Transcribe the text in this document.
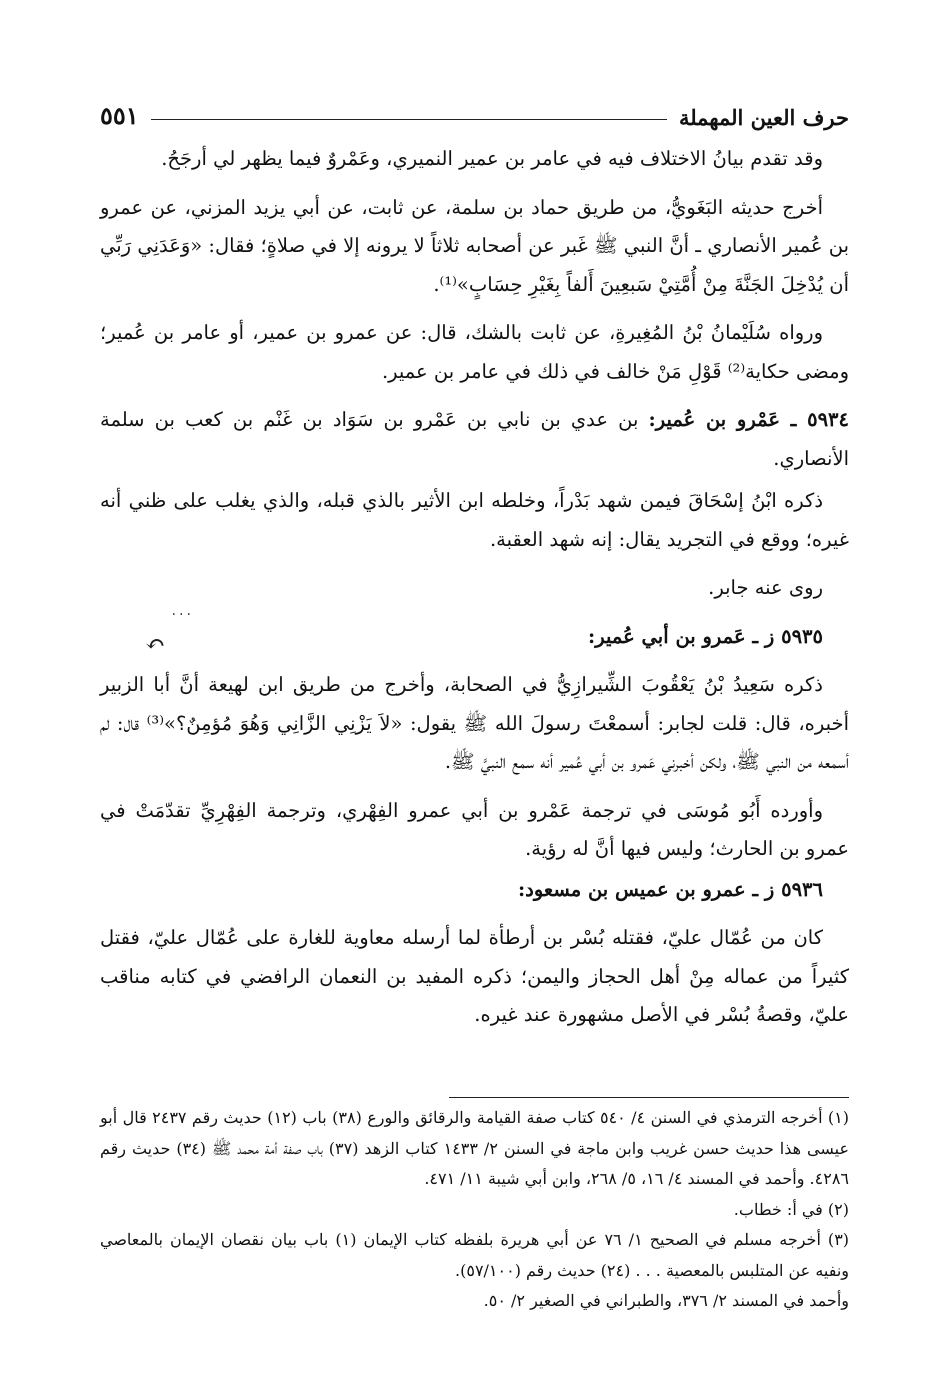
حرف العين المهملة
٥٥١

وقد تقدم بيانُ الاختلاف فيه في عامر بن عمير النميري، وعَمْروٌ فيما يظهر لي أرجَحُ.

أخرج حديثه البَغَويُّ، من طريق حماد بن سلمة، عن ثابت، عن أبي يزيد المزني، عن عمرو بن عُمير الأنصاري ـ أنَّ النبي ﷺ غَبر عن أصحابه ثلاثاً لا يرونه إلا في صلاةٍ؛ فقال: «وَعَدَنِي رَبِّي أن يُدْخِلَ الجَنَّةَ مِنْ أُمَّتِيْ سَبعِينَ أَلفاً بِغَيْرِ حِسَابٍ»⁽¹⁾.

ورواه سُلَيْمانُ بْنُ المُغِيرةِ، عن ثابت بالشك، قال: عن عمرو بن عمير، أو عامر بن عُمير؛ ومضى حكاية⁽²⁾ قَوْلِ مَنْ خالف في ذلك في عامر بن عمير.

٥٩٣٤ ـ عَمْرو بن عُمير: بن عدي بن نابي بن عَمْرو بن سَوَاد بن غَنْم بن كعب بن سلمة الأنصاري.

ذكره ابْنُ إسْحَاقَ فيمن شهد بَدْراً، وخلطه ابن الأثير بالذي قبله، والذي يغلب على ظني أنه غيره؛ ووقع في التجريد يقال: إنه شهد العقبة.

روى عنه جابر.

٥٩٣٥ ز ـ عَمرو بن أبي عُمير:

ذكره سَعِيدُ بْنُ يَعْقُوبَ الشِّيرازِيُّ في الصحابة، وأخرج من طريق ابن لهيعة أنَّ أبا الزبير أخبره، قال: قلت لجابر: أسمعْتَ رسولَ الله ﷺ يقول: «لاَ يَزْنِي الزَّانِي وَهُوَ مُؤمِنٌ؟»⁽³⁾ قال: لم أسمعه من النبي ﷺ، ولكن أخبرني عَمرو بن أبي عُمير أنه سمع النبيَّ ﷺ.

وأورده أَبُو مُوسَى في ترجمة عَمْرو بن أبي عمرو الفِهْري، وترجمة الفِهْرِيِّ تقدّمَتْ في عمرو بن الحارث؛ وليس فيها أنَّ له رؤية.

٥٩٣٦ ز ـ عمرو بن عميس بن مسعود:

كان من عُمّال عليّ، فقتله بُسْر بن أرطأة لما أرسله معاوية للغارة على عُمّال عليّ، فقتل كثيراً من عماله مِنْ أهل الحجاز واليمن؛ ذكره المفيد بن النعمان الرافضي في كتابه مناقب عليّ، وقصةُ بُسْر في الأصل مشهورة عند غيره.

٠٠٠
↶

(١) أخرجه الترمذي في السنن ٤/ ٥٤٠ كتاب صفة القيامة والرقائق والورع (٣٨) باب (١٢) حديث رقم ٢٤٣٧ قال أبو عيسى هذا حديث حسن غريب وابن ماجة في السنن ٢/ ١٤٣٣ كتاب الزهد (٣٧) باب صفة أمة محمد ﷺ (٣٤) حديث رقم ٤٢٨٦. وأحمد في المسند ٤/ ١٦، ٥/ ٢٦٨، وابن أبي شيبة ١١/ ٤٧١.

(٢) في أ: خطاب.

(٣) أخرجه مسلم في الصحيح ١/ ٧٦ عن أبي هريرة بلفظه كتاب الإيمان (١) باب بيان نقصان الإيمان بالمعاصي ونفيه عن المتلبس بالمعصية . . . (٢٤) حديث رقم (٥٧/١٠٠).

وأحمد في المسند ٢/ ٣٧٦، والطبراني في الصغير ٢/ ٥٠.
